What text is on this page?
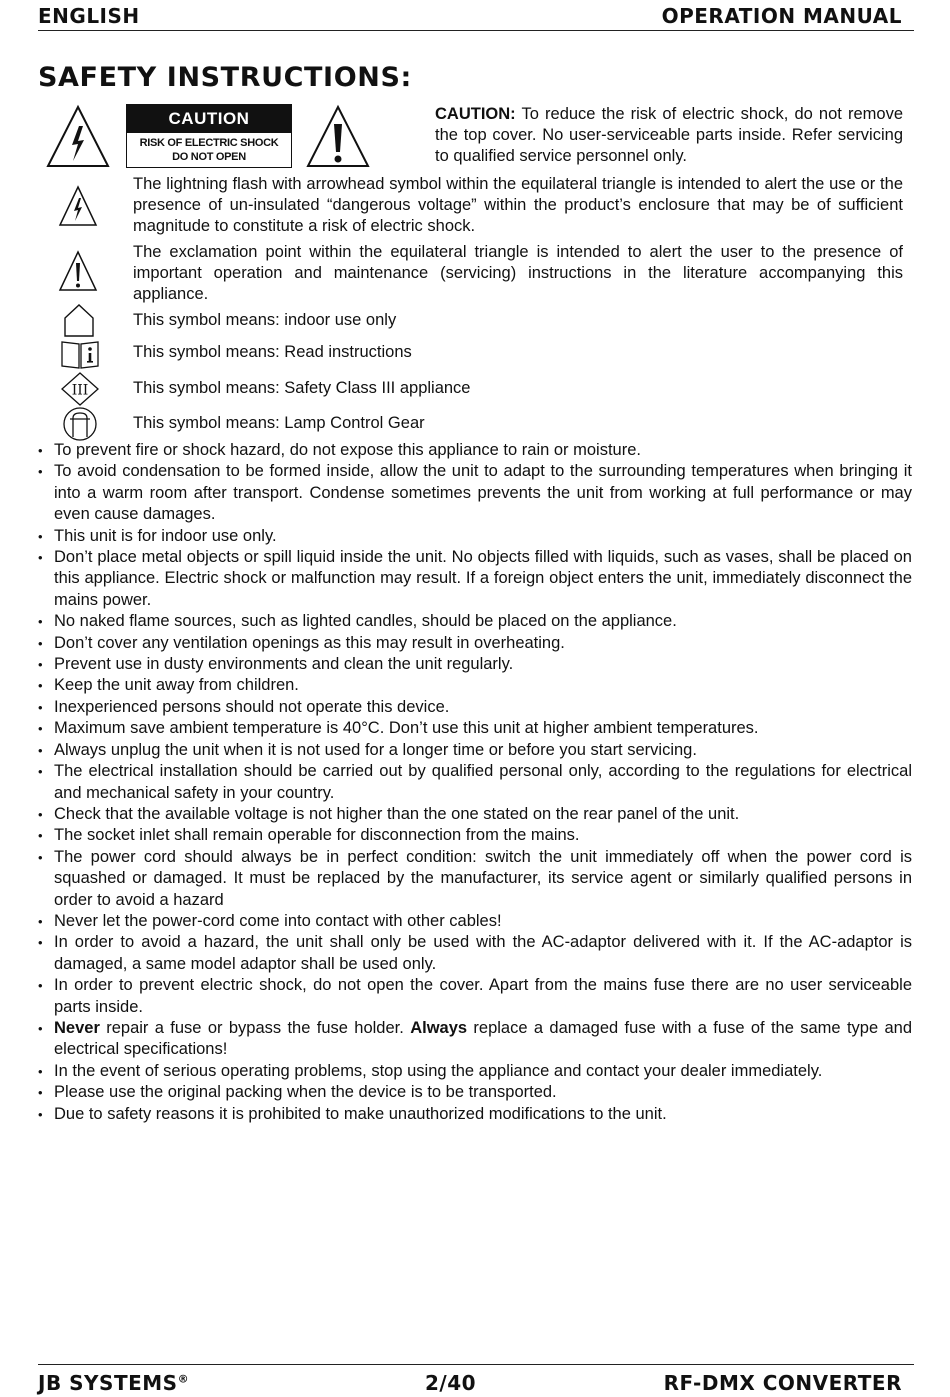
ENGLISH	OPERATION MANUAL
SAFETY INSTRUCTIONS:
CAUTION
RISK OF ELECTRIC SHOCK
DO NOT OPEN
CAUTION: To reduce the risk of electric shock, do not remove the top cover. No user-serviceable parts inside. Refer servicing to qualified service personnel only.
The lightning flash with arrowhead symbol within the equilateral triangle is intended to alert the use or the presence of un-insulated “dangerous voltage” within the product’s enclosure that may be of sufficient magnitude to constitute a risk of electric shock.
The exclamation point within the equilateral triangle is intended to alert the user to the presence of important operation and maintenance (servicing) instructions in the literature accompanying this appliance.
This symbol means: indoor use only
This symbol means: Read instructions
III	This symbol means: Safety Class III appliance
This symbol means: Lamp Control Gear
• To prevent fire or shock hazard, do not expose this appliance to rain or moisture.
• To avoid condensation to be formed inside, allow the unit to adapt to the surrounding temperatures when bringing it into a warm room after transport. Condense sometimes prevents the unit from working at full performance or may even cause damages.
• This unit is for indoor use only.
• Don’t place metal objects or spill liquid inside the unit. No objects filled with liquids, such as vases, shall be placed on this appliance. Electric shock or malfunction may result. If a foreign object enters the unit, immediately disconnect the mains power.
• No naked flame sources, such as lighted candles, should be placed on the appliance.
• Don’t cover any ventilation openings as this may result in overheating.
• Prevent use in dusty environments and clean the unit regularly.
• Keep the unit away from children.
• Inexperienced persons should not operate this device.
• Maximum save ambient temperature is 40°C. Don’t use this unit at higher ambient temperatures.
• Always unplug the unit when it is not used for a longer time or before you start servicing.
• The electrical installation should be carried out by qualified personal only, according to the regulations for electrical and mechanical safety in your country.
• Check that the available voltage is not higher than the one stated on the rear panel of the unit.
• The socket inlet shall remain operable for disconnection from the mains.
• The power cord should always be in perfect condition: switch the unit immediately off when the power cord is squashed or damaged. It must be replaced by the manufacturer, its service agent or similarly qualified persons in order to avoid a hazard
• Never let the power-cord come into contact with other cables!
• In order to avoid a hazard, the unit shall only be used with the AC-adaptor delivered with it. If the AC-adaptor is damaged, a same model adaptor shall be used only.
• In order to prevent electric shock, do not open the cover. Apart from the mains fuse there are no user serviceable parts inside.
• Never repair a fuse or bypass the fuse holder. Always replace a damaged fuse with a fuse of the same type and electrical specifications!
• In the event of serious operating problems, stop using the appliance and contact your dealer immediately.
• Please use the original packing when the device is to be transported.
• Due to safety reasons it is prohibited to make unauthorized modifications to the unit.
JB SYSTEMS®	2/40	RF-DMX CONVERTER
